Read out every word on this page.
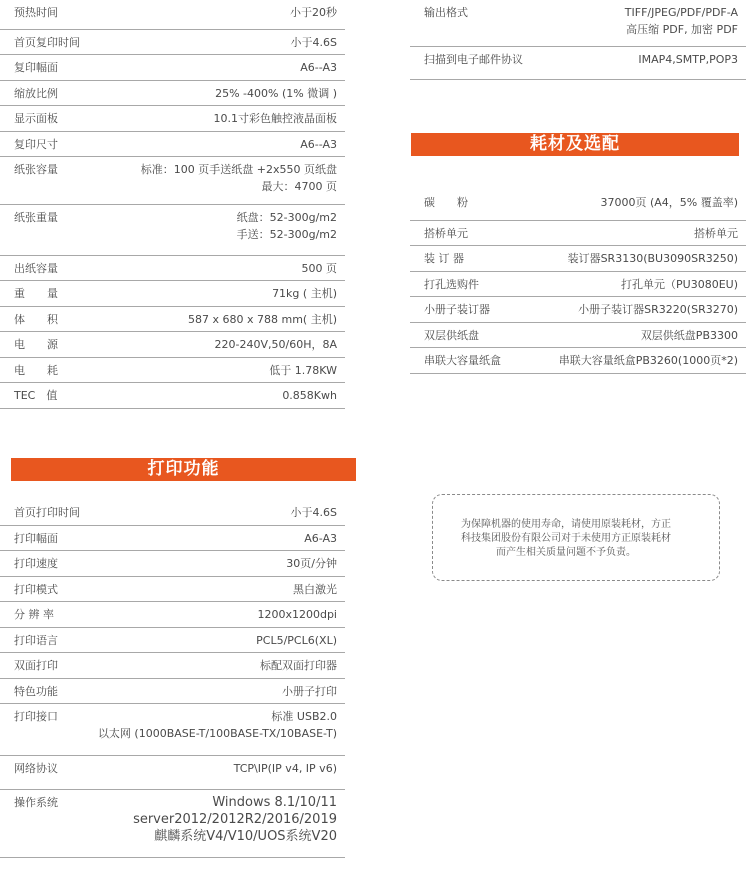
预热时间	小于20秒
首页复印时间	小于4.6S
复印幅面	A6--A3
缩放比例	25% -400% (1% 微调 )
显示面板	10.1寸彩色触控液晶面板
复印尺寸	A6--A3
纸张容量	标准：100 页手送纸盘 +2x550 页纸盘
最大：4700 页
纸张重量	纸盘：52-300g/m2
手送：52-300g/m2
出纸容量	500 页
重　　量	71kg ( 主机)
体　　积	587 x 680 x 788 mm( 主机)
电　　源	220-240V,50/60H，8A
电　　耗	低于 1.78KW
TEC　值	0.858Kwh
打印功能
首页打印时间	小于4.6S
打印幅面	A6-A3
打印速度	30页/分钟
打印模式	黑白激光
分 辨 率	1200x1200dpi
打印语言	PCL5/PCL6(XL)
双面打印	标配双面打印器
特色功能	小册子打印
打印接口	标准 USB2.0
以太网 (1000BASE-T/100BASE-TX/10BASE-T)
网络协议	TCP\IP(IP v4, IP v6)
操作系统	Windows 8.1/10/11
server2012/2012R2/2016/2019
麒麟系统V4/V10/UOS系统V20
输出格式	TIFF/JPEG/PDF/PDF-A
高压缩 PDF, 加密 PDF
扫描到电子邮件协议	IMAP4,SMTP,POP3
耗材及选配
碳　　粉	37000页 (A4，5% 覆盖率)
搭桥单元	搭桥单元
装 订 器	装订器SR3130(BU3090SR3250)
打孔选购件	打孔单元（PU3080EU)
小册子装订器	小册子装订器SR3220(SR3270)
双层供纸盘	双层供纸盘PB3300
串联大容量纸盒	串联大容量纸盒PB3260(1000页*2)
为保障机器的使用寿命，请使用原装耗材，方正
科技集团股份有限公司对于未使用方正原装耗材
而产生相关质量问题不予负责。
